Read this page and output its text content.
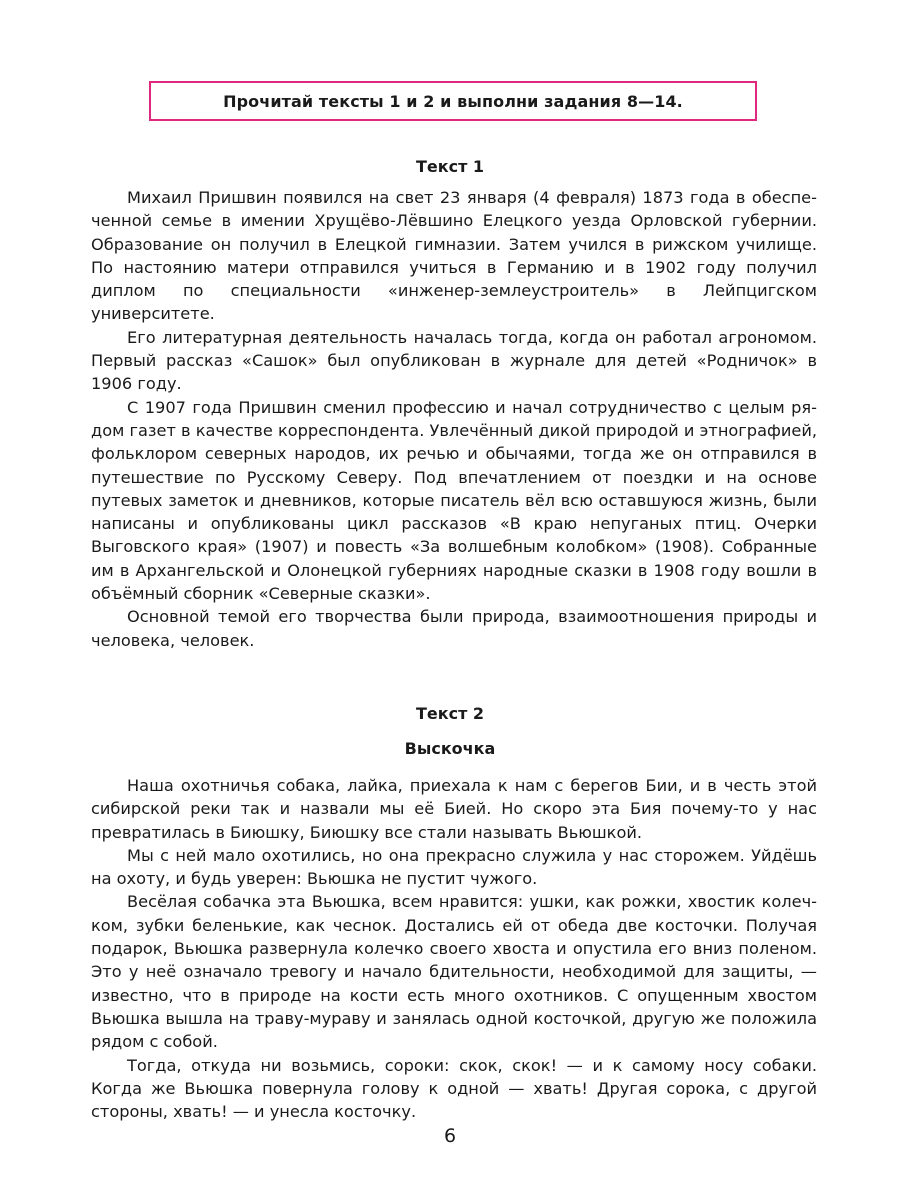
Прочитай тексты 1 и 2 и выполни задания 8—14.
Текст 1

Михаил Пришвин появился на свет 23 января (4 февраля) 1873 года в обеспеченной семье в имении Хрущёво-Лёвшино Елецкого уезда Орловской губернии. Образование он получил в Елецкой гимназии. Затем учился в рижском училище. По настоянию матери отправился учиться в Германию и в 1902 году получил диплом по специальности «инженер-землеустроитель» в Лейпцигском университете.

Его литературная деятельность началась тогда, когда он работал агрономом. Первый рассказ «Сашок» был опубликован в журнале для детей «Родничок» в 1906 году.

С 1907 года Пришвин сменил профессию и начал сотрудничество с целым рядом газет в качестве корреспондента. Увлечённый дикой природой и этнографией, фольклором северных народов, их речью и обычаями, тогда же он отправился в путешествие по Русскому Северу. Под впечатлением от поездки и на основе путевых заметок и дневников, которые писатель вёл всю оставшуюся жизнь, были написаны и опубликованы цикл рассказов «В краю непуганых птиц. Очерки Выговского края» (1907) и повесть «За волшебным колобком» (1908). Собранные им в Архангельской и Олонецкой губерниях народные сказки в 1908 году вошли в объёмный сборник «Северные сказки».

Основной темой его творчества были природа, взаимоотношения природы и человека, человек.

Текст 2
Выскочка

Наша охотничья собака, лайка, приехала к нам с берегов Бии, и в честь этой сибирской реки так и назвали мы её Бией. Но скоро эта Бия почему-то у нас превратилась в Биюшку, Биюшку все стали называть Вьюшкой.

Мы с ней мало охотились, но она прекрасно служила у нас сторожем. Уйдёшь на охоту, и будь уверен: Вьюшка не пустит чужого.

Весёлая собачка эта Вьюшка, всем нравится: ушки, как рожки, хвостик колечком, зубки беленькие, как чеснок. Достались ей от обеда две косточки. Получая подарок, Вьюшка развернула колечко своего хвоста и опустила его вниз поленом. Это у неё означало тревогу и начало бдительности, необходимой для защиты, — известно, что в природе на кости есть много охотников. С опущенным хвостом Вьюшка вышла на траву-мураву и занялась одной косточкой, другую же положила рядом с собой.

Тогда, откуда ни возьмись, сороки: скок, скок! — и к самому носу собаки. Когда же Вьюшка повернула голову к одной — хвать! Другая сорока, с другой стороны, хвать! — и унесла косточку.

6
